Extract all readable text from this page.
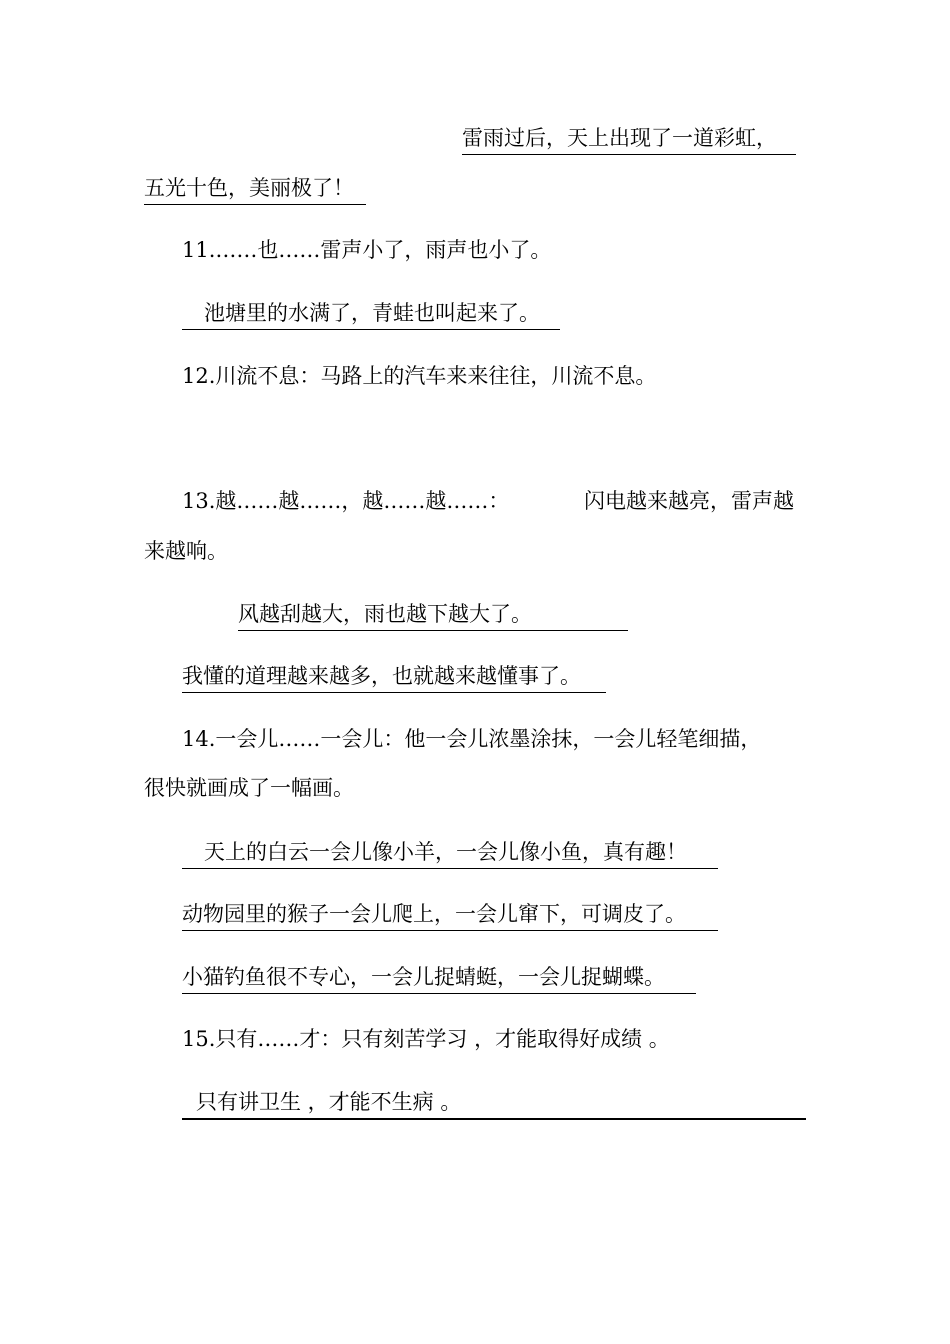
雷雨过后，天上出现了一道彩虹，
五光十色，美丽极了！
11.……也……雷声小了，雨声也小了。
池塘里的水满了，青蛙也叫起来了。
12.川流不息：马路上的汽车来来往往，川流不息。
13.越……越……，越……越……：	闪电越来越亮，雷声越
来越响。
风越刮越大，雨也越下越大了。
我懂的道理越来越多，也就越来越懂事了。
14.一会儿……一会儿：他一会儿浓墨涂抹，一会儿轻笔细描，
很快就画成了一幅画。
天上的白云一会儿像小羊，一会儿像小鱼，真有趣！
动物园里的猴子一会儿爬上，一会儿窜下，可调皮了。
小猫钓鱼很不专心，一会儿捉蜻蜓，一会儿捉蝴蝶。
15.只有……才：只有刻苦学习 ，才能取得好成绩 。
只有讲卫生 ，才能不生病 。
